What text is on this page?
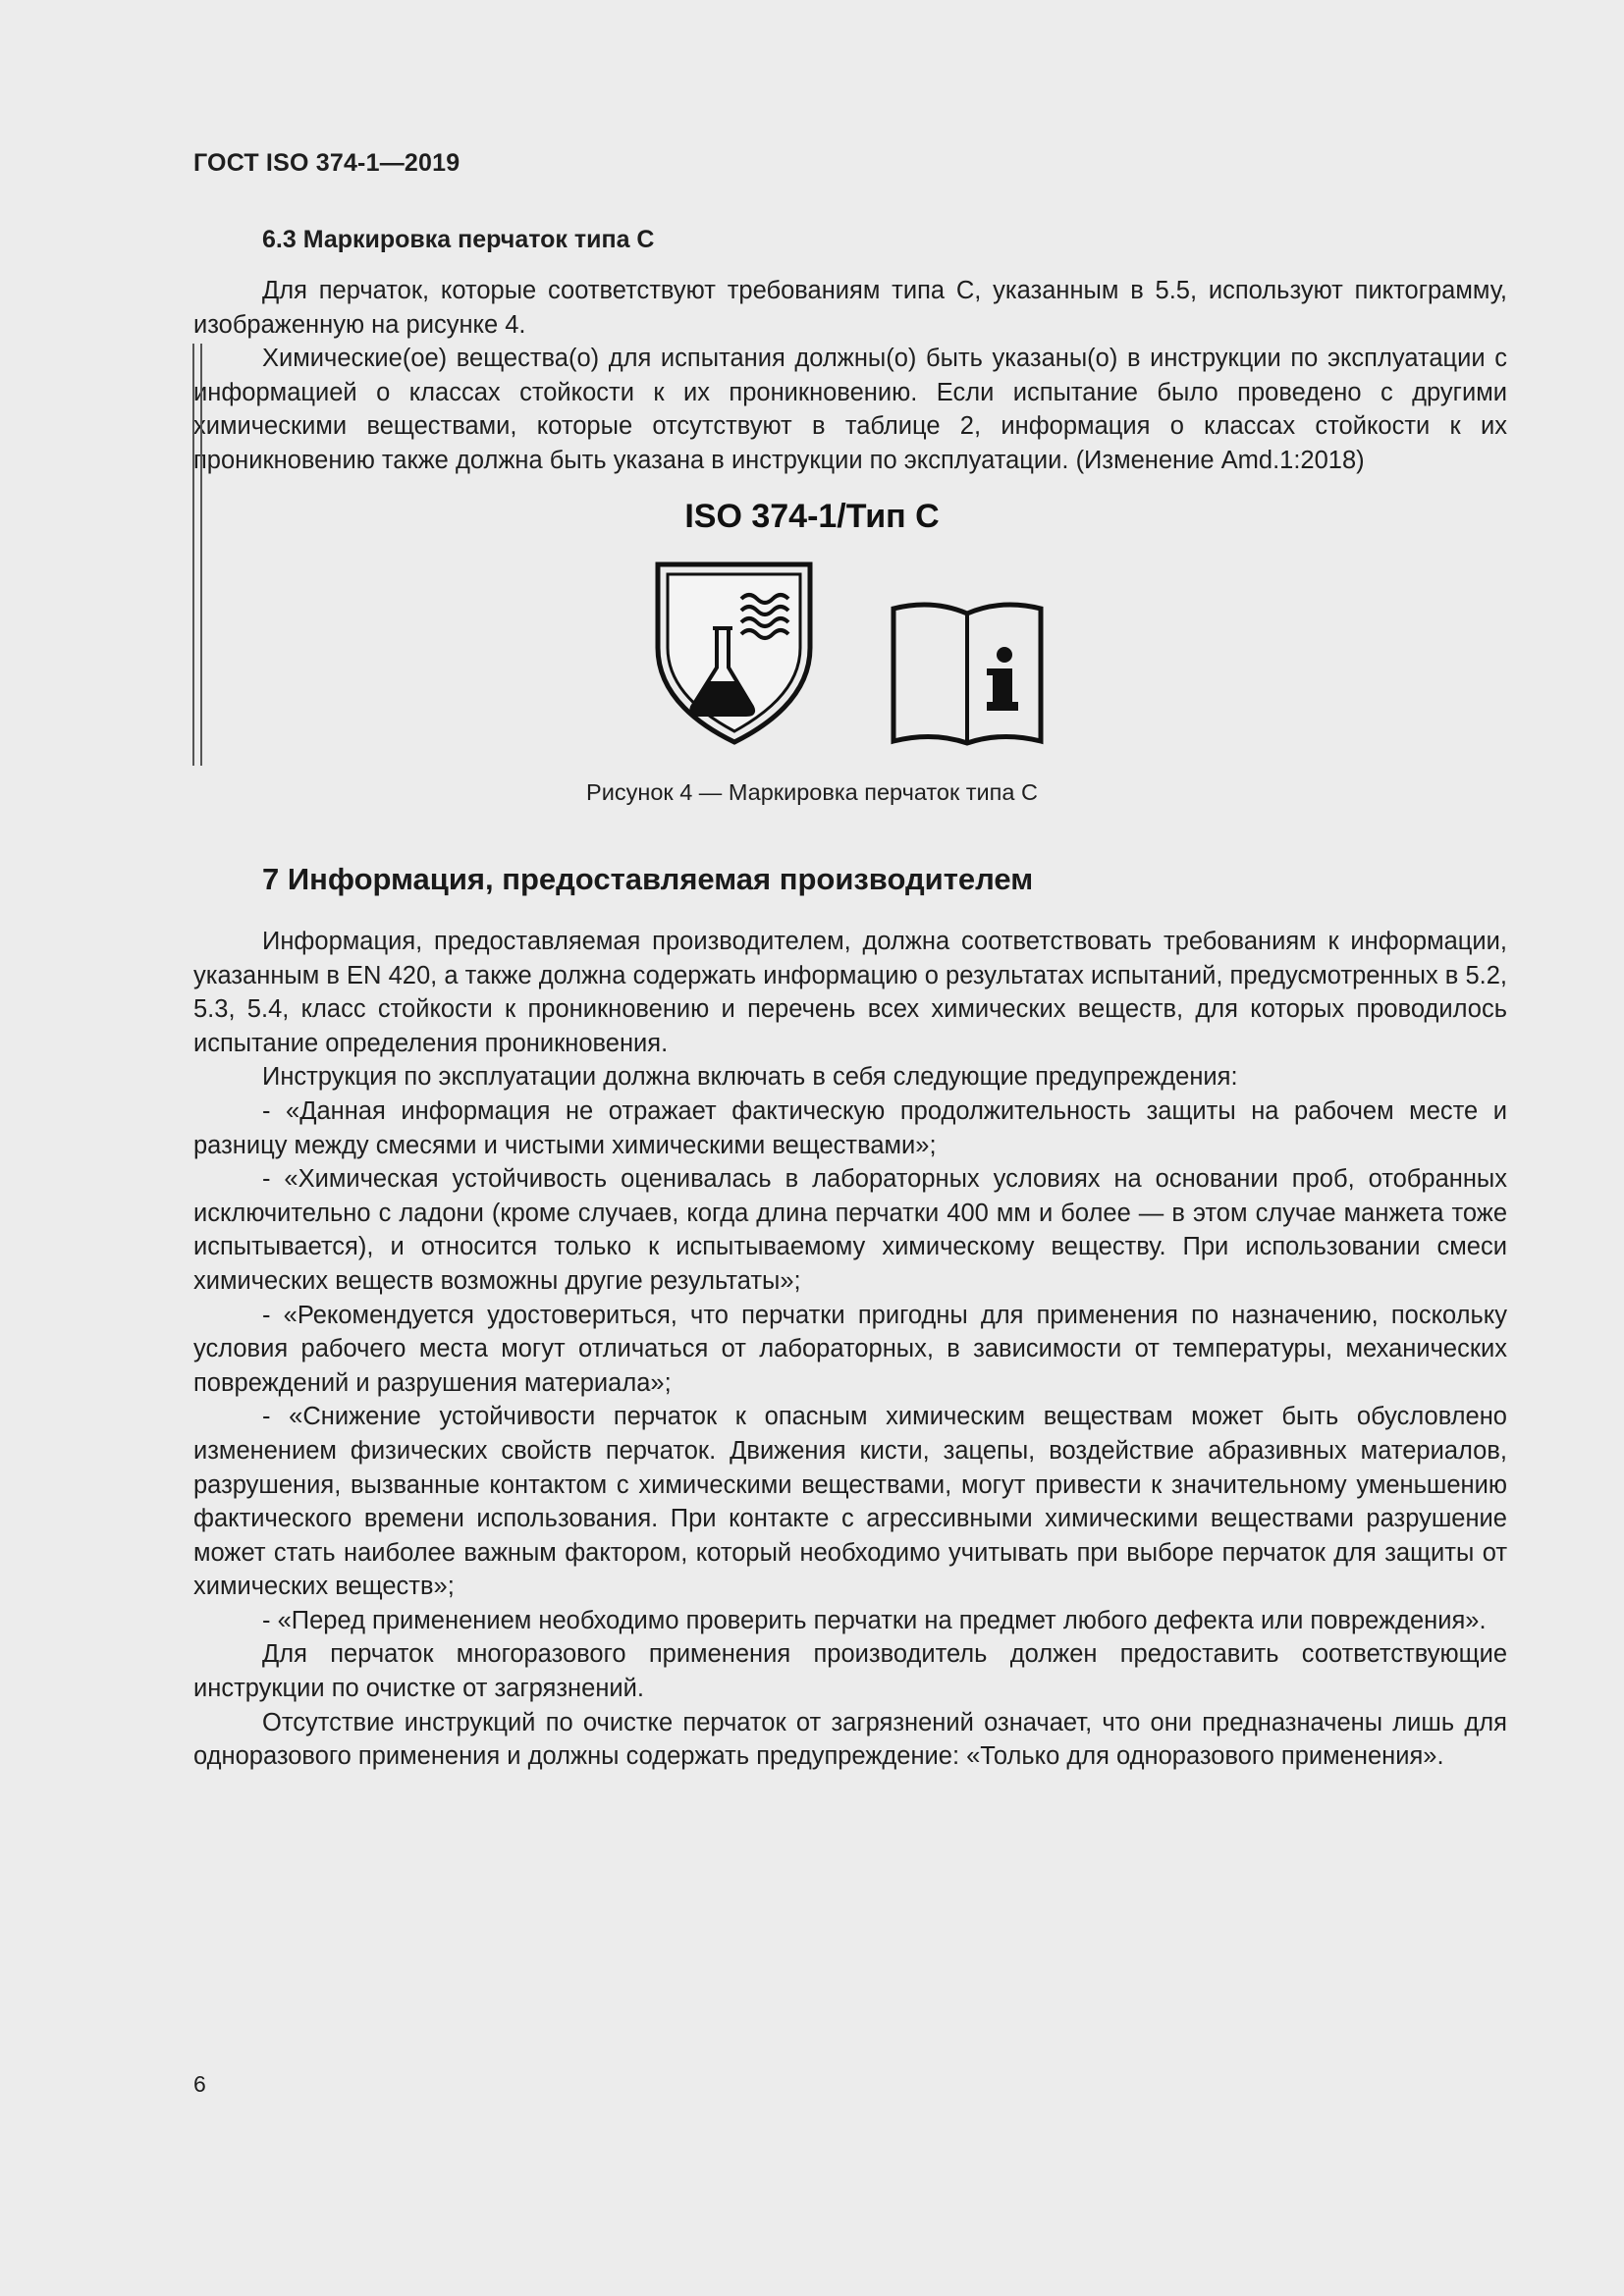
ГОСТ ISO 374-1—2019
6.3 Маркировка перчаток типа С

Для перчаток, которые соответствуют требованиям типа С, указанным в 5.5, используют пиктограмму, изображенную на рисунке 4.

Химические(ое) вещества(о) для испытания должны(о) быть указаны(о) в инструкции по эксплуатации с информацией о классах стойкости к их проникновению. Если испытание было проведено с другими химическими веществами, которые отсутствуют в таблице 2, информация о классах стойкости к их проникновению также должна быть указана в инструкции по эксплуатации. (Изменение Amd.1:2018)

ISO 374-1/Тип С
Рисунок 4 — Маркировка перчаток типа С
7 Информация, предоставляемая производителем

Информация, предоставляемая производителем, должна соответствовать требованиям к информации, указанным в EN 420, а также должна содержать информацию о результатах испытаний, предусмотренных в 5.2, 5.3, 5.4, класс стойкости к проникновению и перечень всех химических веществ, для которых проводилось испытание определения проникновения.

Инструкция по эксплуатации должна включать в себя следующие предупреждения:

- «Данная информация не отражает фактическую продолжительность защиты на рабочем месте и разницу между смесями и чистыми химическими веществами»;

- «Химическая устойчивость оценивалась в лабораторных условиях на основании проб, отобранных исключительно с ладони (кроме случаев, когда длина перчатки 400 мм и более — в этом случае манжета тоже испытывается), и относится только к испытываемому химическому веществу. При использовании смеси химических веществ возможны другие результаты»;

- «Рекомендуется удостовериться, что перчатки пригодны для применения по назначению, поскольку условия рабочего места могут отличаться от лабораторных, в зависимости от температуры, механических повреждений и разрушения материала»;

- «Снижение устойчивости перчаток к опасным химическим веществам может быть обусловлено изменением физических свойств перчаток. Движения кисти, зацепы, воздействие абразивных материалов, разрушения, вызванные контактом с химическими веществами, могут привести к значительному уменьшению фактического времени использования. При контакте с агрессивными химическими веществами разрушение может стать наиболее важным фактором, который необходимо учитывать при выборе перчаток для защиты от химических веществ»;

- «Перед применением необходимо проверить перчатки на предмет любого дефекта или повреждения».

Для перчаток многоразового применения производитель должен предоставить соответствующие инструкции по очистке от загрязнений.

Отсутствие инструкций по очистке перчаток от загрязнений означает, что они предназначены лишь для одноразового применения и должны содержать предупреждение: «Только для одноразового применения».

6
